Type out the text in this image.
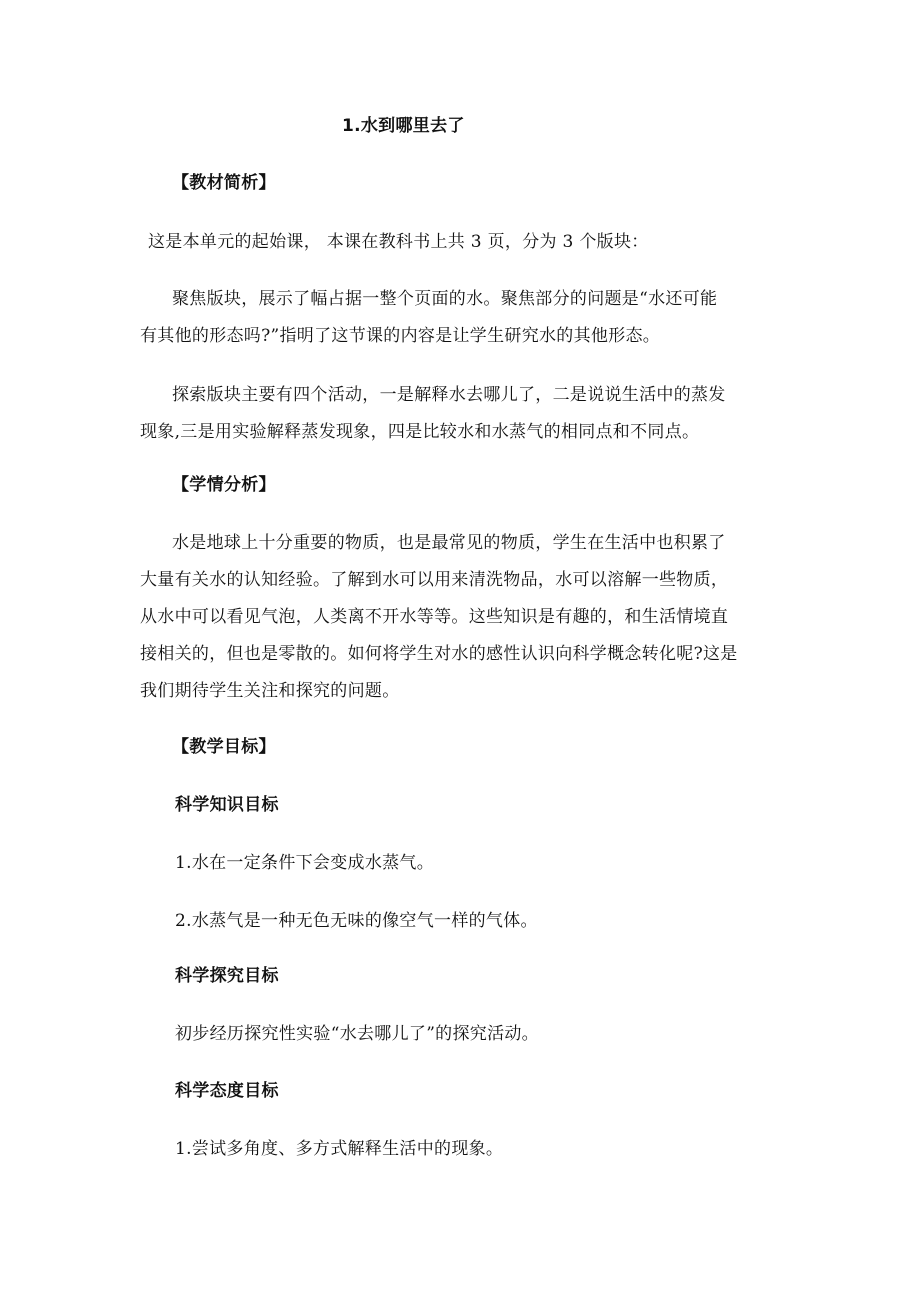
1.水到哪里去了
【教材简析】
这是本单元的起始课， 本课在教科书上共 3 页，分为 3 个版块：
聚焦版块，展示了幅占据一整个页面的水。聚焦部分的问题是“水还可能
有其他的形态吗?”指明了这节课的内容是让学生研究水的其他形态。
探索版块主要有四个活动，一是解释水去哪儿了，二是说说生活中的蒸发
现象,三是用实验解释蒸发现象，四是比较水和水蒸气的相同点和不同点。
【学情分析】
水是地球上十分重要的物质，也是最常见的物质，学生在生活中也积累了
大量有关水的认知经验。了解到水可以用来清洗物品，水可以溶解一些物质，
从水中可以看见气泡，人类离不开水等等。这些知识是有趣的，和生活情境直
接相关的，但也是零散的。如何将学生对水的感性认识向科学概念转化呢?这是
我们期待学生关注和探究的问题。
【教学目标】
科学知识目标
1.水在一定条件下会变成水蒸气。
2.水蒸气是一种无色无味的像空气一样的气体。
科学探究目标
初步经历探究性实验“水去哪儿了”的探究活动。
科学态度目标
1.尝试多角度、多方式解释生活中的现象。
